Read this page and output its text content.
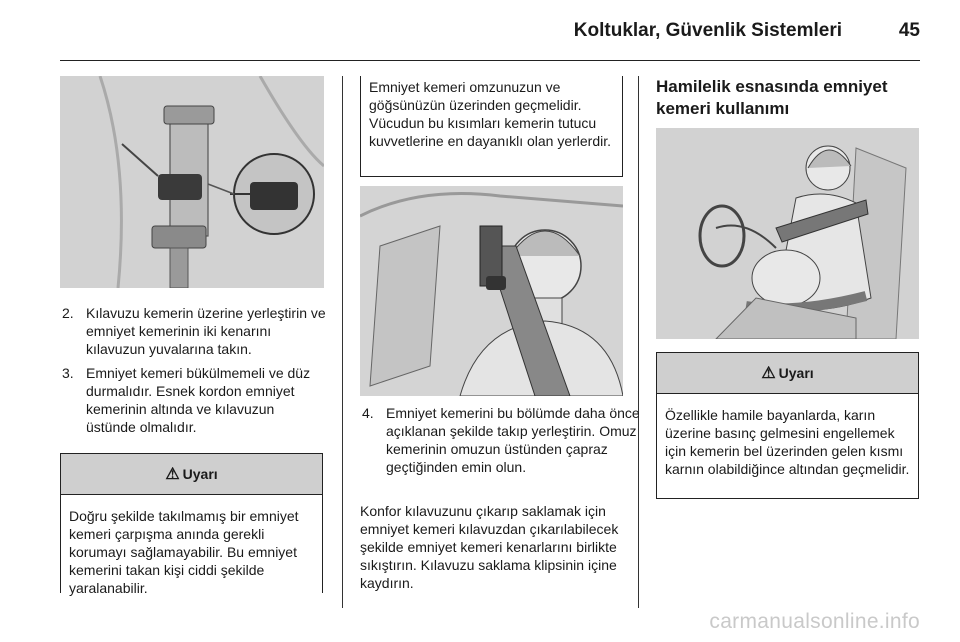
Koltuklar, Güvenlik Sistemleri	45
2. Kılavuzu kemerin üzerine yerleştirin ve emniyet kemerinin iki kenarını kılavuzun yuvalarına takın.
3. Emniyet kemeri bükülmemeli ve düz durmalıdır. Esnek kordon emniyet kemerinin altında ve kılavuzun üstünde olmalıdır.
⚠ Uyarı
Doğru şekilde takılmamış bir emniyet kemeri çarpışma anında gerekli korumayı sağlamayabilir. Bu emniyet kemerini takan kişi ciddi şekilde yaralanabilir.
Emniyet kemeri omzunuzun ve göğsünüzün üzerinden geçmelidir. Vücudun bu kısımları kemerin tutucu kuvvetlerine en dayanıklı olan yerlerdir.
4. Emniyet kemerini bu bölümde daha önce açıklanan şekilde takıp yerleştirin. Omuz kemerinin omuzun üstünden çapraz geçtiğinden emin olun.
Konfor kılavuzunu çıkarıp saklamak için emniyet kemeri kılavuzdan çıkarılabilecek şekilde emniyet kemeri kenarlarını birlikte sıkıştırın. Kılavuzu saklama klipsinin içine kaydırın.
Hamilelik esnasında emniyet kemeri kullanımı
⚠ Uyarı
Özellikle hamile bayanlarda, karın üzerine basınç gelmesini engellemek için kemerin bel üzerinden gelen kısmı karnın olabildiğince altından geçmelidir.
carmanualsonline.info
